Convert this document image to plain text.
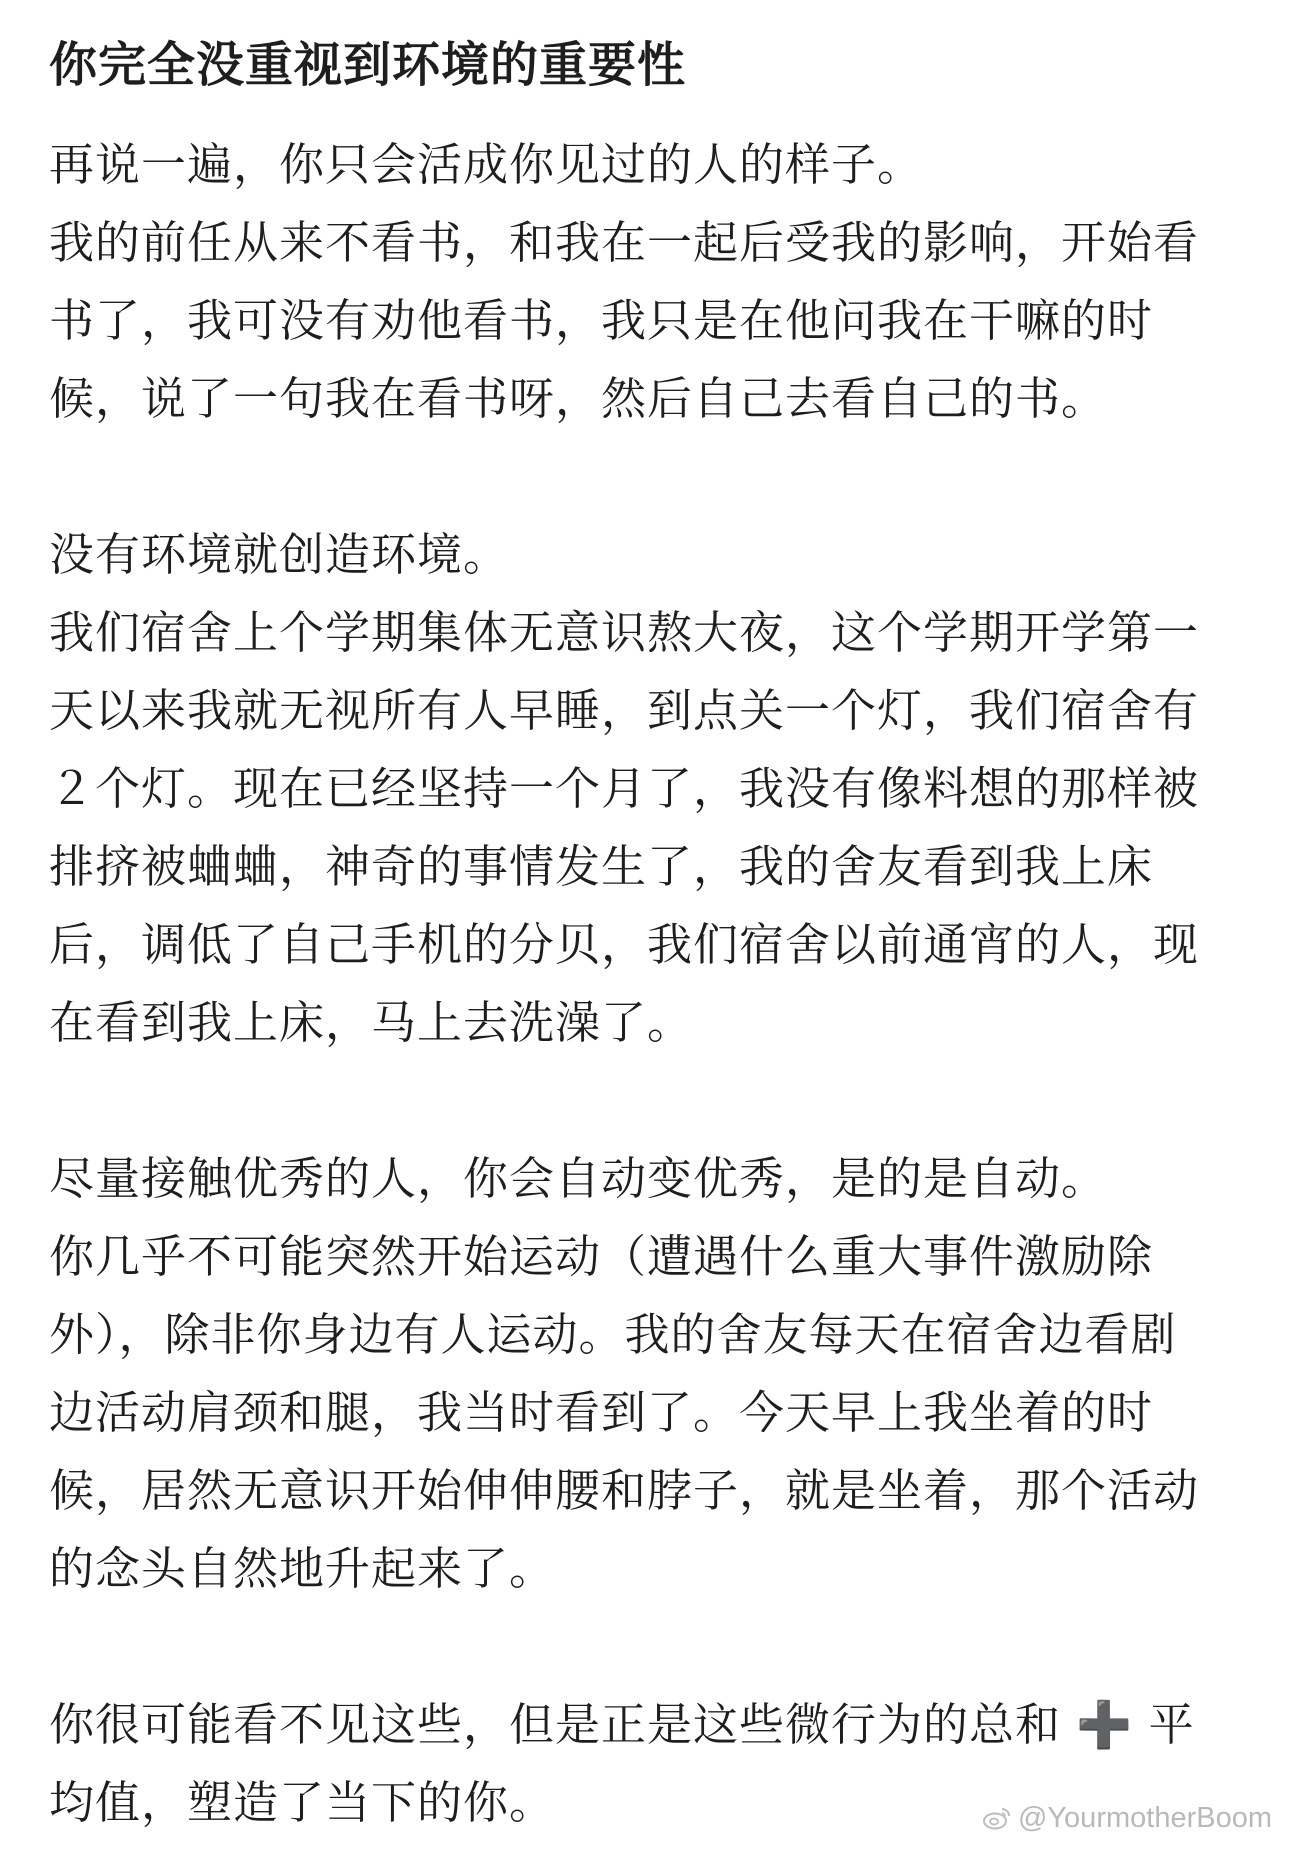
你完全没重视到环境的重要性
再说一遍，你只会活成你见过的人的样子。
我的前任从来不看书，和我在一起后受我的影响，开始看
书了，我可没有劝他看书，我只是在他问我在干嘛的时
候，说了一句我在看书呀，然后自己去看自己的书。
没有环境就创造环境。
我们宿舍上个学期集体无意识熬大夜，这个学期开学第一
天以来我就无视所有人早睡，到点关一个灯，我们宿舍有
２个灯。现在已经坚持一个月了，我没有像料想的那样被
排挤被蛐蛐，神奇的事情发生了，我的舍友看到我上床
后，调低了自己手机的分贝，我们宿舍以前通宵的人，现
在看到我上床，马上去洗澡了。
尽量接触优秀的人，你会自动变优秀，是的是自动。
你几乎不可能突然开始运动（遭遇什么重大事件激励除
外），除非你身边有人运动。我的舍友每天在宿舍边看剧
边活动肩颈和腿，我当时看到了。今天早上我坐着的时
候，居然无意识开始伸伸腰和脖子，就是坐着，那个活动
的念头自然地升起来了。
你很可能看不见这些，但是正是这些微行为的总和 ➕ 平
均值，塑造了当下的你。	@YourmotherBoom
